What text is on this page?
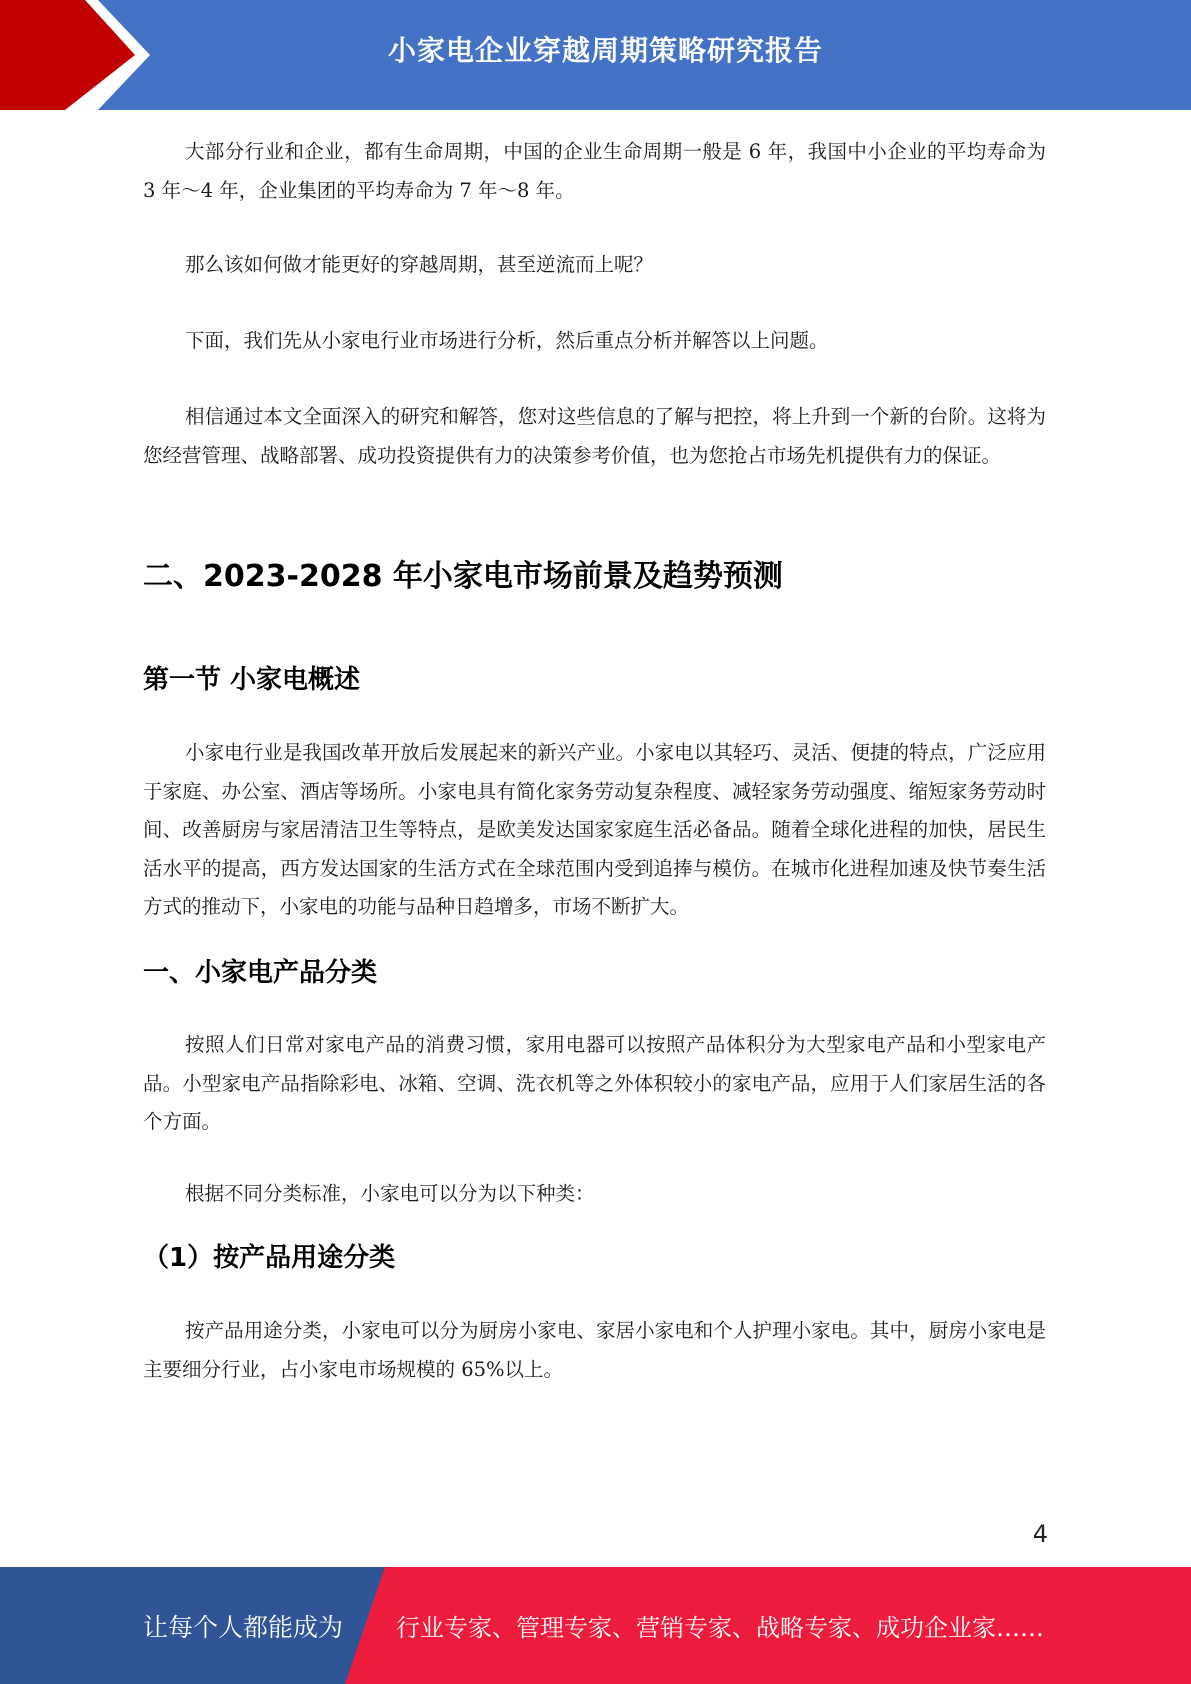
小家电企业穿越周期策略研究报告

大部分行业和企业，都有生命周期，中国的企业生命周期一般是 6 年，我国中小企业的平均寿命为 3 年～4 年，企业集团的平均寿命为 7 年～8 年。

那么该如何做才能更好的穿越周期，甚至逆流而上呢？

下面，我们先从小家电行业市场进行分析，然后重点分析并解答以上问题。

相信通过本文全面深入的研究和解答，您对这些信息的了解与把控，将上升到一个新的台阶。这将为您经营管理、战略部署、成功投资提供有力的决策参考价值，也为您抢占市场先机提供有力的保证。

二、2023-2028 年小家电市场前景及趋势预测
第一节 小家电概述

小家电行业是我国改革开放后发展起来的新兴产业。小家电以其轻巧、灵活、便捷的特点，广泛应用于家庭、办公室、酒店等场所。小家电具有简化家务劳动复杂程度、减轻家务劳动强度、缩短家务劳动时间、改善厨房与家居清洁卫生等特点，是欧美发达国家家庭生活必备品。随着全球化进程的加快，居民生活水平的提高，西方发达国家的生活方式在全球范围内受到追捧与模仿。在城市化进程加速及快节奏生活方式的推动下，小家电的功能与品种日趋增多，市场不断扩大。

一、小家电产品分类

按照人们日常对家电产品的消费习惯，家用电器可以按照产品体积分为大型家电产品和小型家电产品。小型家电产品指除彩电、冰箱、空调、洗衣机等之外体积较小的家电产品，应用于人们家居生活的各个方面。

根据不同分类标准，小家电可以分为以下种类：

（1）按产品用途分类

按产品用途分类，小家电可以分为厨房小家电、家居小家电和个人护理小家电。其中，厨房小家电是主要细分行业，占小家电市场规模的 65%以上。

4
让每个人都能成为 行业专家、管理专家、营销专家、战略专家、成功企业家……
